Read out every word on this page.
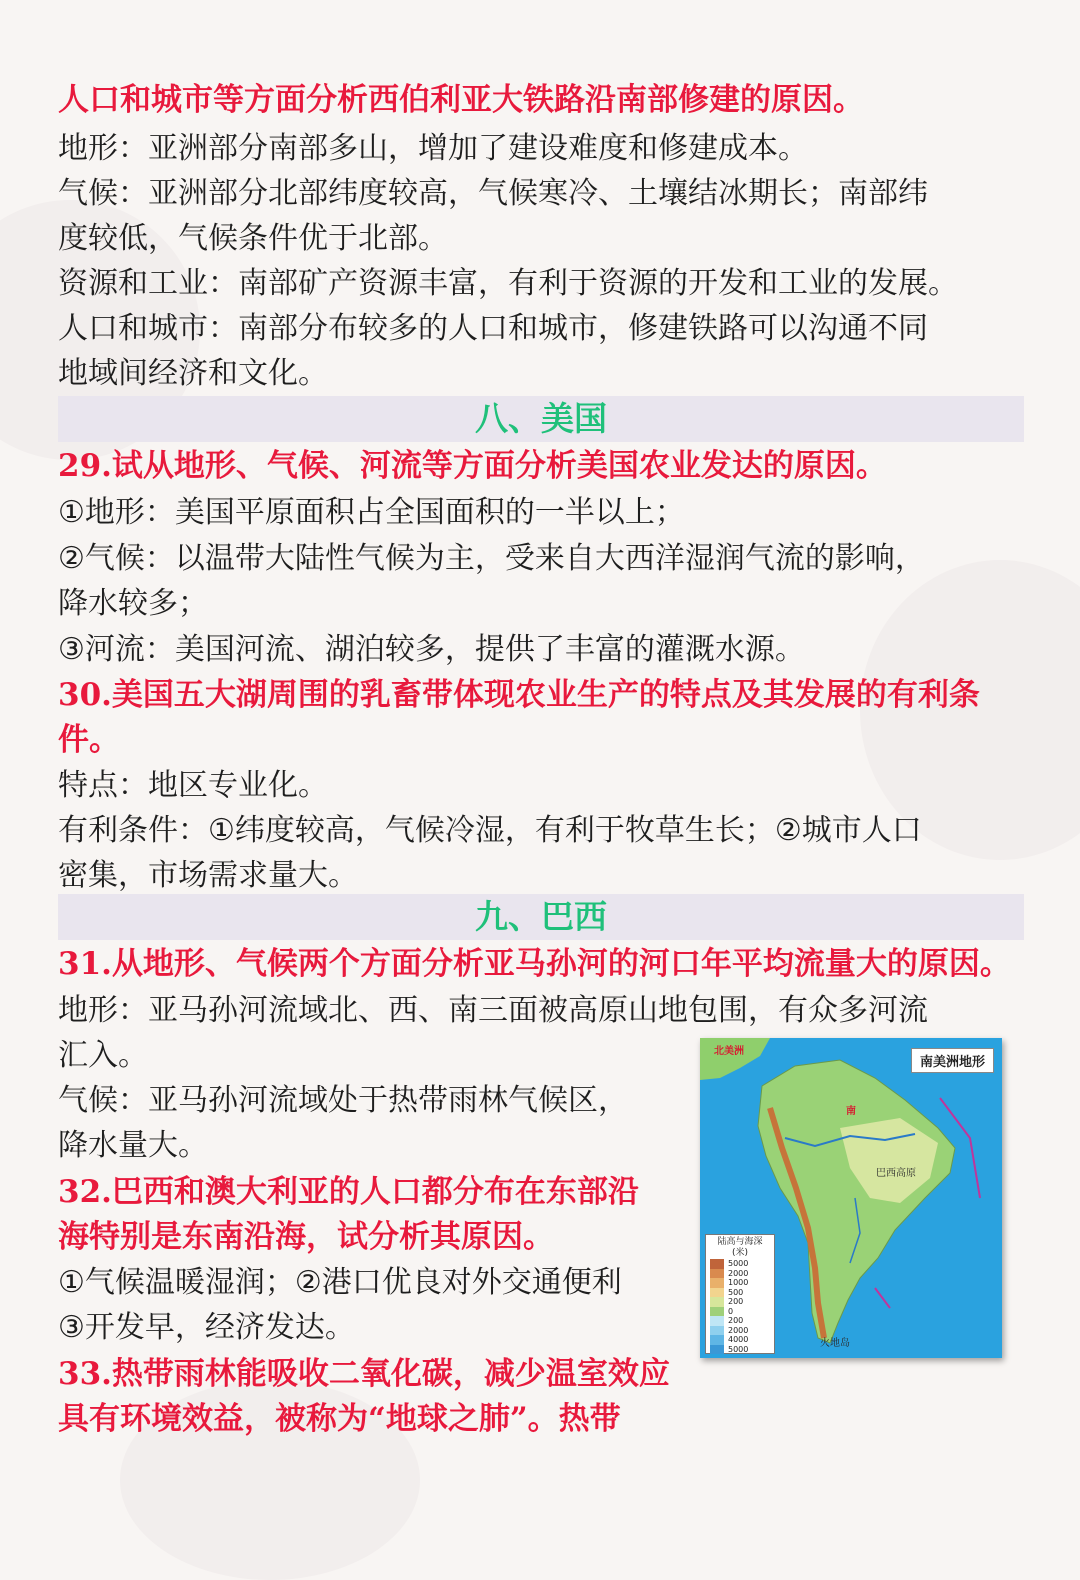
人口和城市等方面分析西伯利亚大铁路沿南部修建的原因。
地形：亚洲部分南部多山，增加了建设难度和修建成本。
气候：亚洲部分北部纬度较高，气候寒冷、土壤结冰期长；南部纬
度较低，气候条件优于北部。
资源和工业：南部矿产资源丰富，有利于资源的开发和工业的发展。
人口和城市：南部分布较多的人口和城市，修建铁路可以沟通不同
地域间经济和文化。
八、美国
29.试从地形、气候、河流等方面分析美国农业发达的原因。
①地形：美国平原面积占全国面积的一半以上；
②气候：以温带大陆性气候为主，受来自大西洋湿润气流的影响，
降水较多；
③河流：美国河流、湖泊较多，提供了丰富的灌溉水源。
30.美国五大湖周围的乳畜带体现农业生产的特点及其发展的有利条
件。
特点：地区专业化。
有利条件：①纬度较高，气候冷湿，有利于牧草生长；②城市人口
密集，市场需求量大。
九、巴西
31.从地形、气候两个方面分析亚马孙河的河口年平均流量大的原因。
地形：亚马孙河流域北、西、南三面被高原山地包围，有众多河流
汇入。
气候：亚马孙河流域处于热带雨林气候区，
降水量大。
32.巴西和澳大利亚的人口都分布在东部沿
海特别是东南沿海，试分析其原因。
①气候温暖湿润；②港口优良对外交通便利
③开发早，经济发达。
33.热带雨林能吸收二氧化碳，减少温室效应
具有环境效益，被称为“地球之肺”。热带
南美洲地形
北美洲
巴西高原
南
火地岛
陆高与海深
(米)
5000
2000
1000
500
200
0
200
2000
4000
5000
